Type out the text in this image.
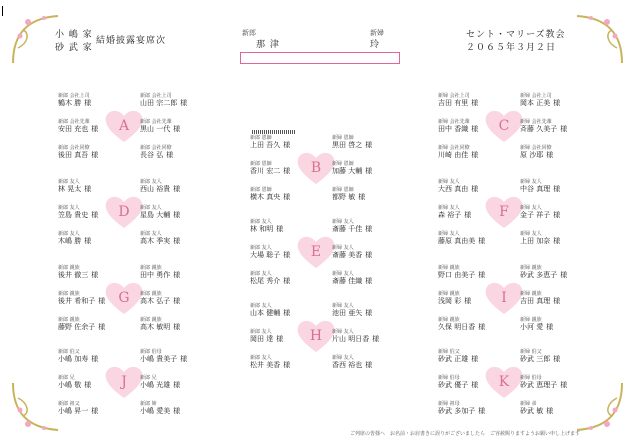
小 嶋 家
砂 武 家
結婚披露宴席次
新郎
那 津
新婦
玲
セント・マリーズ教会
２０６５年３月２日
A
新郎 会社上司
鶴木 勝 様
新郎 会社上司
山田 宗二郎 様
新郎 会社先輩
安田 充也 様
新郎 会社先輩
黒山 一代 様
新郎 会社同僚
後田 真吾 様
新郎 会社同僚
長谷 弘 様
D
新郎 友人
林 晃太 様
新郎 友人
西山 裕貴 様
新郎 友人
笠島 貴史 様
新郎 友人
星島 大輔 様
新郎 友人
木嶋 勝 様
新郎 友人
高木 季実 様
G
新郎 親族
後井 徹三 様
新郎 親族
田中 勇作 様
新郎 親族
後井 希和子 様
新郎 親族
高木 弘子 様
新郎 親族
藤野 佐余子 様
新郎 親族
高木 敏明 様
J
新郎 伯父
小嶋 加寿 様
新郎 伯母
小嶋 貴美子 様
新郎 兄
小嶋 敬 様
新郎 兄
小嶋 光雄 様
新郎 祖父
小嶋 昇一 様
新郎 姉
小嶋 愛美 様
B
新郎 恩師
上田 吾久 様
新婦 恩師
黒田 啓之 様
新郎 恩師
香川 宏二 様
新婦 恩師
加藤 大輔 様
新郎 恩師
横木 真央 様
新婦 恩師
都野 敏 様
E
新郎 友人
林 和明 様
新婦 友人
斎藤 千佳 様
新郎 友人
大場 聡子 様
新婦 友人
斎藤 美香 様
新郎 友人
松尾 秀介 様
新婦 友人
斎藤 佳織 様
H
新郎 友人
山本 健輔 様
新婦 友人
池田 亜矢 様
新郎 友人
岡田 達 様
新婦 友人
片山 明日香 様
新郎 友人
松井 美香 様
新婦 友人
香西 裕也 様
C
新婦 会社上司
吉田 有里 様
新婦 会社上司
岡本 正美 様
新婦 会社先輩
田中 香織 様
新婦 会社先輩
斉藤 久美子 様
新婦 会社同僚
川崎 由佳 様
新婦 会社同僚
原 沙耶 様
F
新婦 友人
大西 真由 様
新婦 友人
中谷 真理 様
新婦 友人
森 裕子 様
新婦 友人
金子 祥子 様
新婦 友人
藤原 真由美 様
新婦 友人
上田 加奈 様
I
新婦 親族
野口 由美子 様
新婦 親族
砂武 多恵子 様
新婦 親族
浅岡 彩 様
新婦 親族
吉田 真理 様
新婦 親族
久保 明日香 様
新婦 親族
小河 愛 様
K
新婦 伯父
砂武 正雄 様
新婦 伯父
砂武 三郎 様
新婦 伯母
砂武 優子 様
新婦 伯母
砂武 恵理子 様
新婦 祖母
砂武 多加子 様
新婦 弟
砂武 敏 様
ご列席の皆様へ　お名前・お肩書きに誤りがございましたら　ご容赦賜りますようお願い申し上げます
